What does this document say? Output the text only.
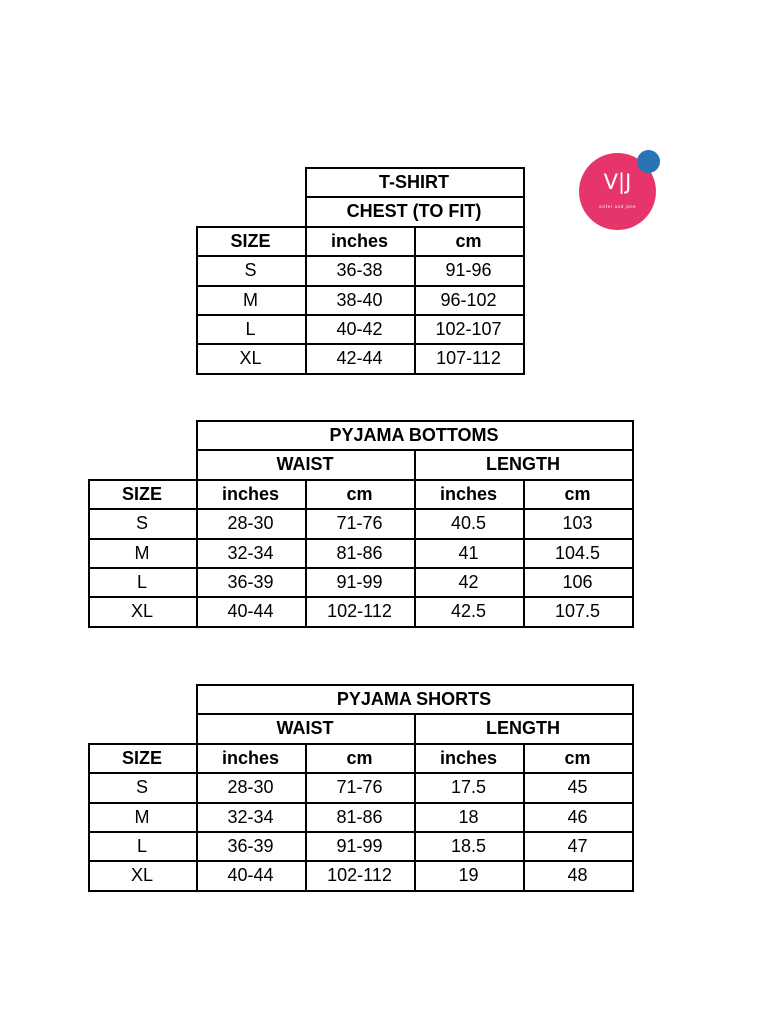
V|J
sister and jane
T-SHIRT
CHEST (TO FIT)
SIZE	inches	cm
S	36-38	91-96
M	38-40	96-102
L	40-42	102-107
XL	42-44	107-112
PYJAMA BOTTOMS
WAIST	LENGTH
SIZE	inches	cm	inches	cm
S	28-30	71-76	40.5	103
M	32-34	81-86	41	104.5
L	36-39	91-99	42	106
XL	40-44	102-112	42.5	107.5
PYJAMA SHORTS
WAIST	LENGTH
SIZE	inches	cm	inches	cm
S	28-30	71-76	17.5	45
M	32-34	81-86	18	46
L	36-39	91-99	18.5	47
XL	40-44	102-112	19	48
